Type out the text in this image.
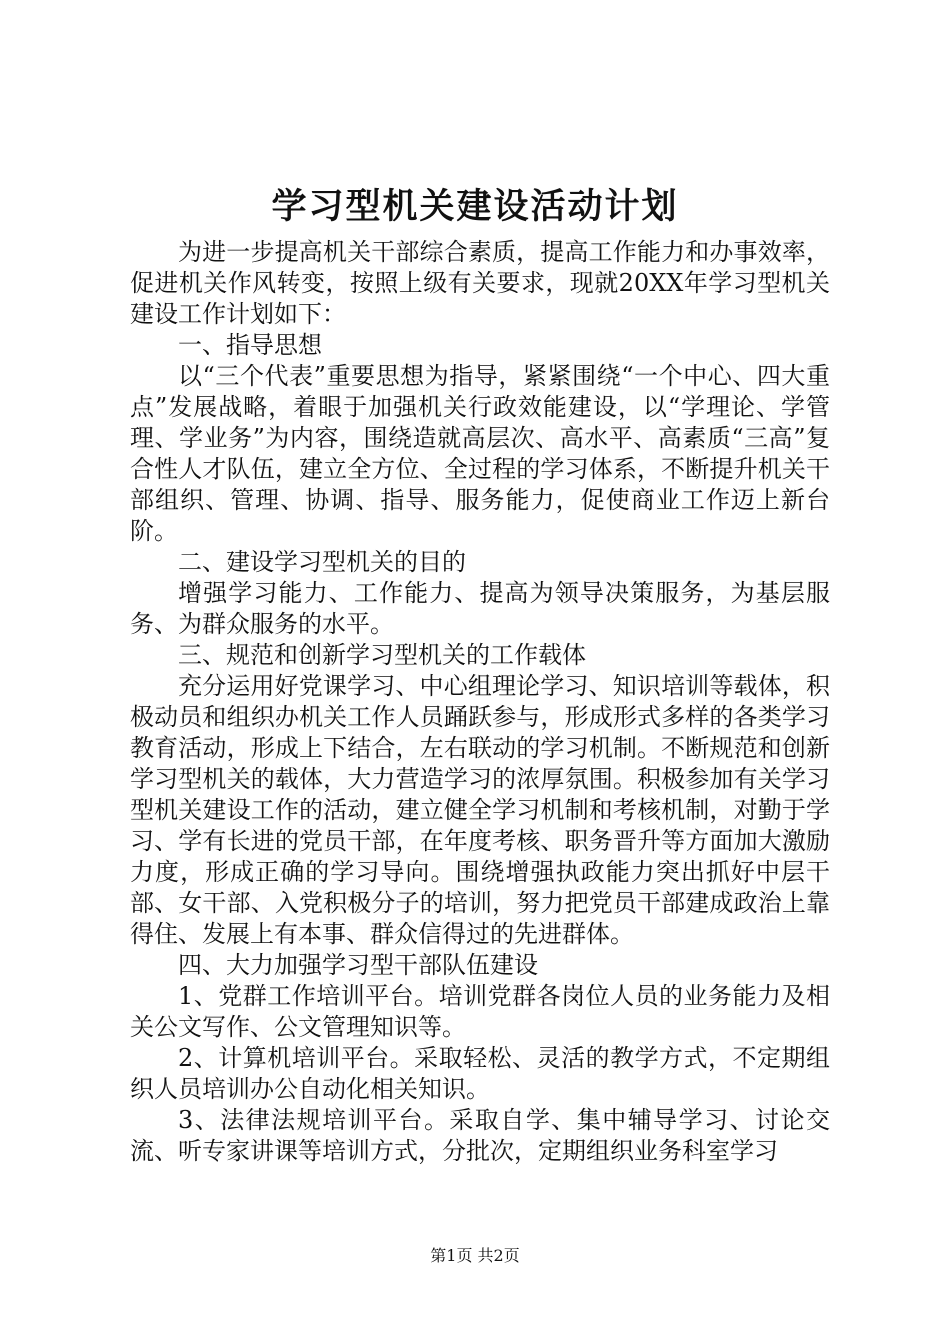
学习型机关建设活动计划

为进一步提高机关干部综合素质，提高工作能力和办事效率，促进机关作风转变，按照上级有关要求，现就20XX年学习型机关建设工作计划如下：

一、指导思想

以“三个代表”重要思想为指导，紧紧围绕“一个中心、四大重点”发展战略，着眼于加强机关行政效能建设，以“学理论、学管理、学业务”为内容，围绕造就高层次、高水平、高素质“三高”复合性人才队伍，建立全方位、全过程的学习体系，不断提升机关干部组织、管理、协调、指导、服务能力，促使商业工作迈上新台阶。

二、建设学习型机关的目的

增强学习能力、工作能力、提高为领导决策服务，为基层服务、为群众服务的水平。

三、规范和创新学习型机关的工作载体

充分运用好党课学习、中心组理论学习、知识培训等载体，积极动员和组织办机关工作人员踊跃参与，形成形式多样的各类学习教育活动，形成上下结合，左右联动的学习机制。不断规范和创新学习型机关的载体，大力营造学习的浓厚氛围。积极参加有关学习型机关建设工作的活动，建立健全学习机制和考核机制，对勤于学习、学有长进的党员干部，在年度考核、职务晋升等方面加大激励力度，形成正确的学习导向。围绕增强执政能力突出抓好中层干部、女干部、入党积极分子的培训，努力把党员干部建成政治上靠得住、发展上有本事、群众信得过的先进群体。

四、大力加强学习型干部队伍建设

1、党群工作培训平台。培训党群各岗位人员的业务能力及相关公文写作、公文管理知识等。

2、计算机培训平台。采取轻松、灵活的教学方式，不定期组织人员培训办公自动化相关知识。

3、法律法规培训平台。采取自学、集中辅导学习、讨论交流、听专家讲课等培训方式，分批次，定期组织业务科室学习

第1页 共2页
